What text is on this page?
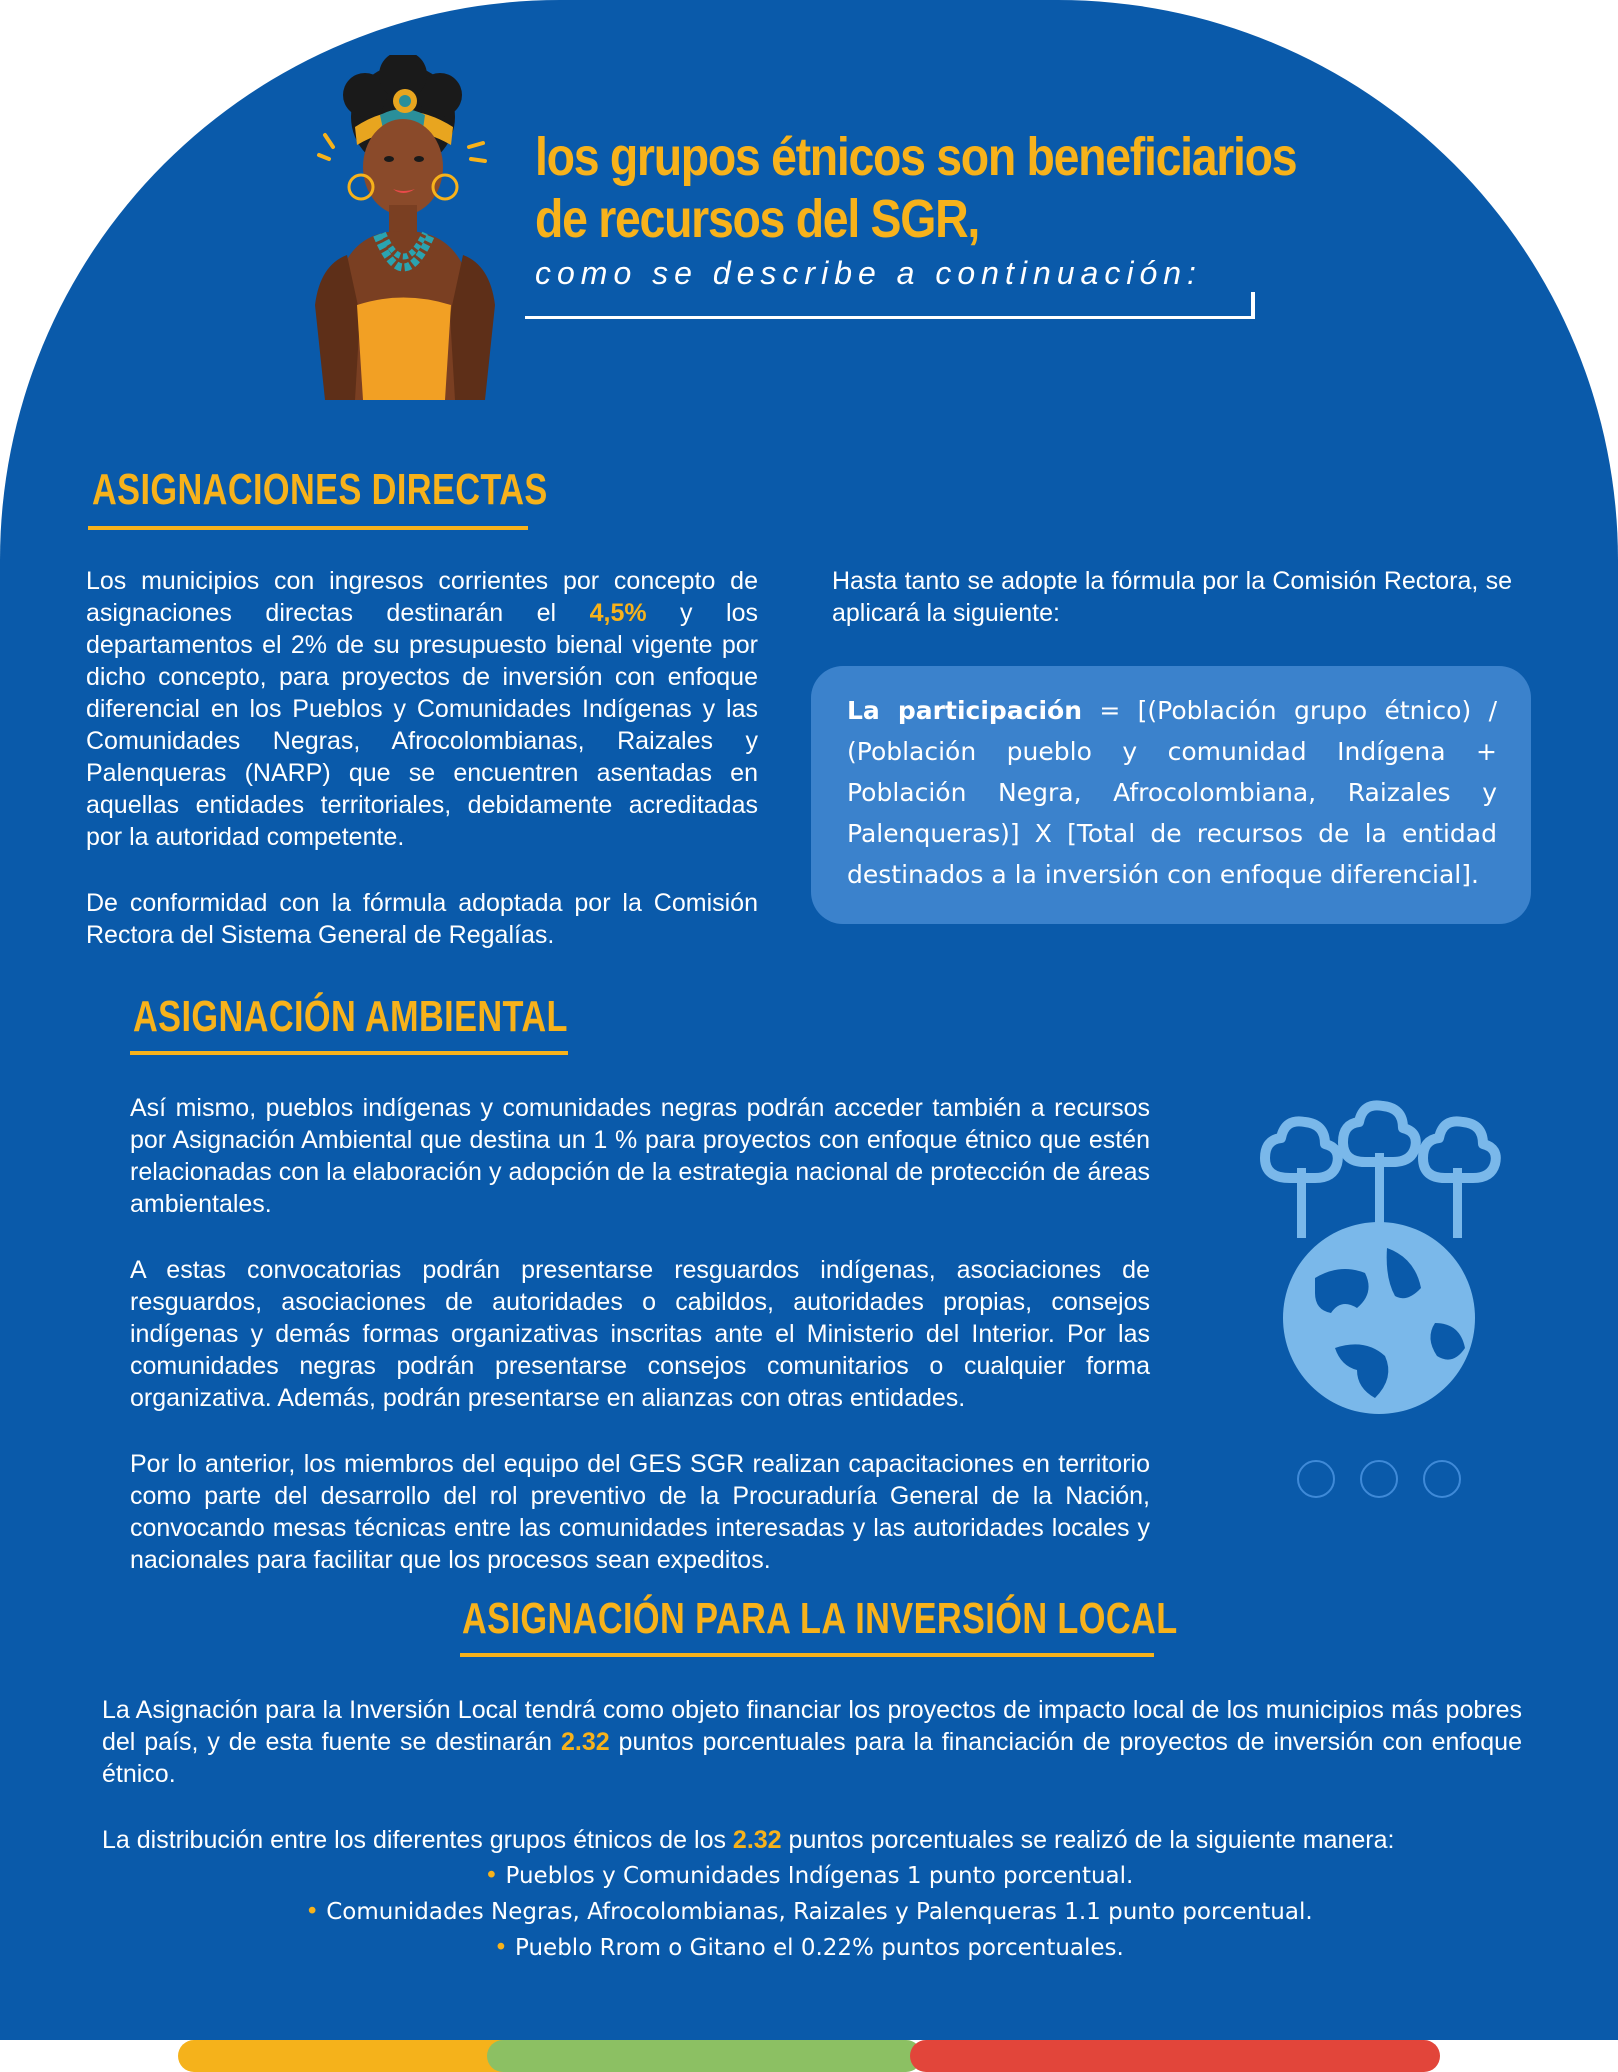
los grupos étnicos son beneficiarios
de recursos del SGR,
como se describe a continuación:
ASIGNACIONES DIRECTAS

Los municipios con ingresos corrientes por concepto de asignaciones directas destinarán el 4,5% y los departamentos el 2% de su presupuesto bienal vigente por dicho concepto, para proyectos de inversión con enfoque diferencial en los Pueblos y Comunidades Indígenas y las Comunidades Negras, Afrocolombianas, Raizales y Palenqueras (NARP) que se encuentren asentadas en aquellas entidades territoriales, debidamente acreditadas por la autoridad competente.

De conformidad con la fórmula adoptada por la Comisión Rectora del Sistema General de Regalías.

Hasta tanto se adopte la fórmula por la Comisión Rectora, se aplicará la siguiente:
La participación = [(Población grupo étnico) / (Población pueblo y comunidad Indígena + Población Negra, Afrocolombiana, Raizales y Palenqueras)] X [Total de recursos de la entidad destinados a la inversión con enfoque diferencial].
ASIGNACIÓN AMBIENTAL

Así mismo, pueblos indígenas y comunidades negras podrán acceder también a recursos por Asignación Ambiental que destina un 1 % para proyectos con enfoque étnico que estén relacionadas con la elaboración y adopción de la estrategia nacional de protección de áreas ambientales.

A estas convocatorias podrán presentarse resguardos indígenas, asociaciones de resguardos, asociaciones de autoridades o cabildos, autoridades propias, consejos indígenas y demás formas organizativas inscritas ante el Ministerio del Interior. Por las comunidades negras podrán presentarse consejos comunitarios o cualquier forma organizativa. Además, podrán presentarse en alianzas con otras entidades.

Por lo anterior, los miembros del equipo del GES SGR realizan capacitaciones en territorio como parte del desarrollo del rol preventivo de la Procuraduría General de la Nación, convocando mesas técnicas entre las comunidades interesadas y las autoridades locales y nacionales para facilitar que los procesos sean expeditos.

ASIGNACIÓN PARA LA INVERSIÓN LOCAL

La Asignación para la Inversión Local tendrá como objeto financiar los proyectos de impacto local de los municipios más pobres del país, y de esta fuente se destinarán 2.32 puntos porcentuales para la financiación de proyectos de inversión con enfoque étnico.

La distribución entre los diferentes grupos étnicos de los 2.32 puntos porcentuales se realizó de la siguiente manera:

• Pueblos y Comunidades Indígenas 1 punto porcentual.
• Comunidades Negras, Afrocolombianas, Raizales y Palenqueras 1.1 punto porcentual.
• Pueblo Rrom o Gitano el 0.22% puntos porcentuales.
